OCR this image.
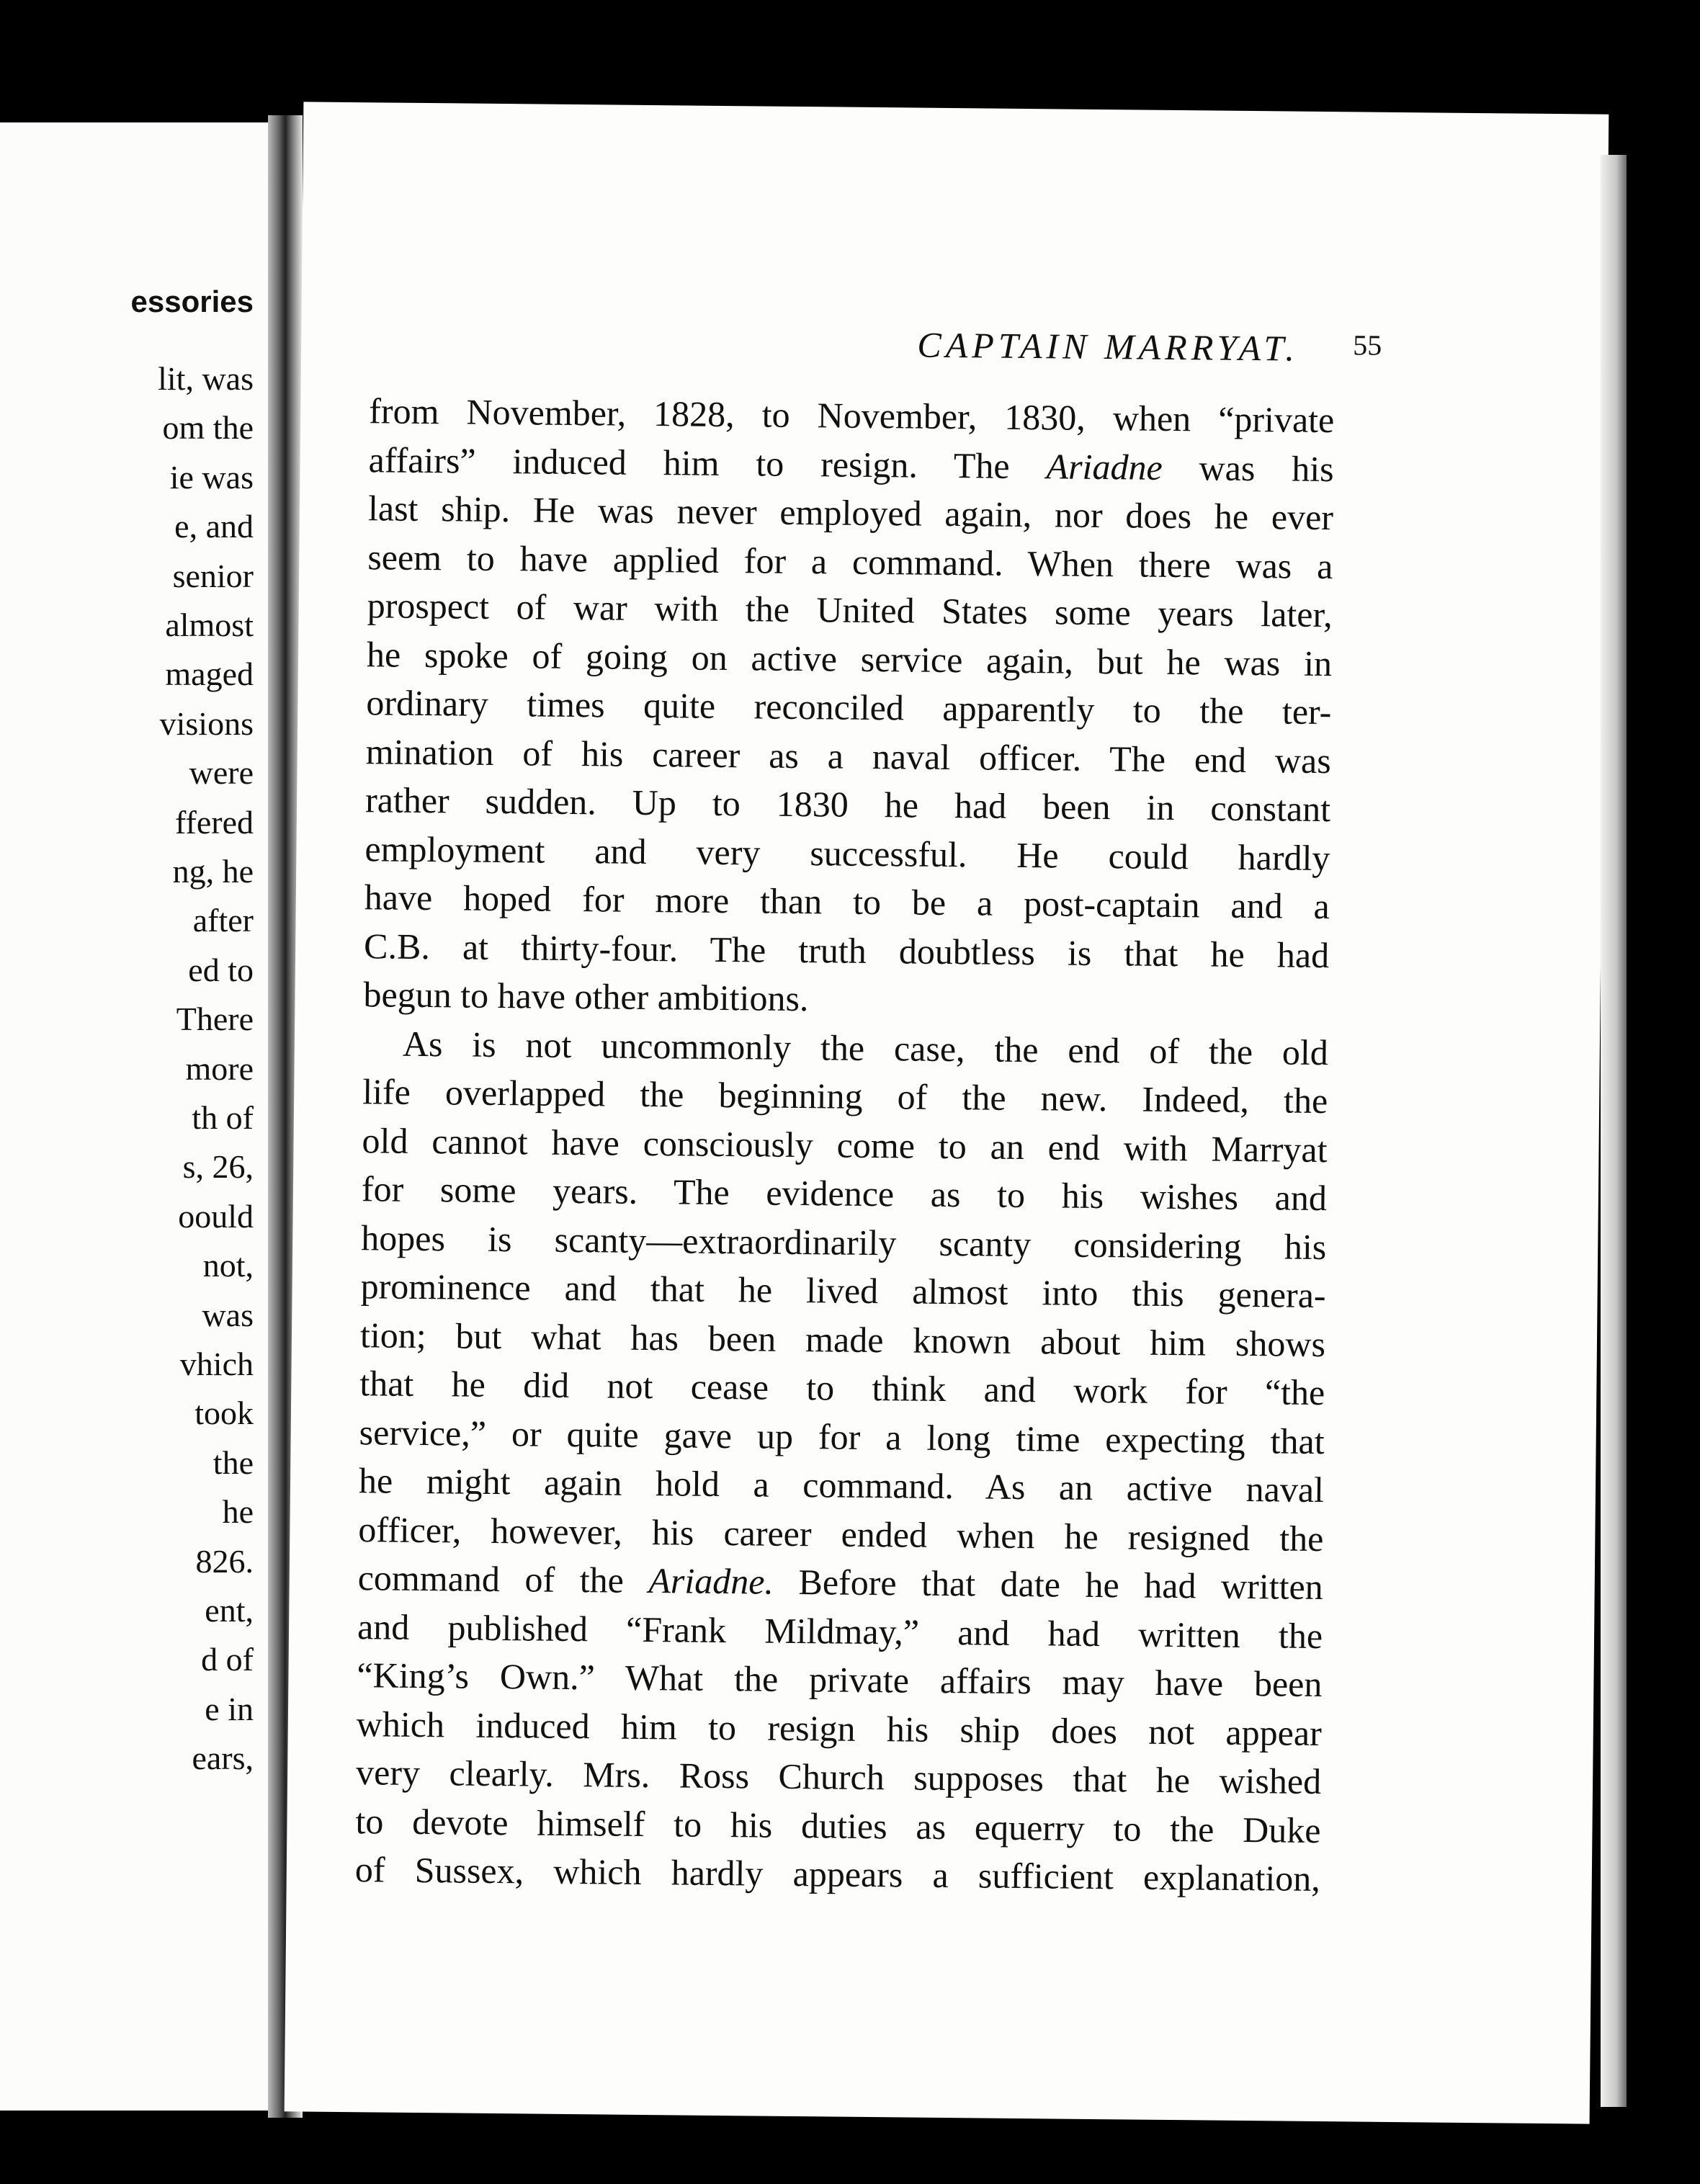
essories
lit, was
om the
ie was
e, and
senior
almost
maged
visions
were
ffered
ng, he
after
ed to
There
more
th of
s, 26,
oould
not,
was
vhich
took
the
he
826.
ent,
d of
e in
ears,
CAPTAIN MARRYAT.	55
from November, 1828, to November, 1830, when “private
affairs” induced him to resign. The Ariadne was his
last ship. He was never employed again, nor does he ever
seem to have applied for a command. When there was a
prospect of war with the United States some years later,
he spoke of going on active service again, but he was in
ordinary times quite reconciled apparently to the ter-
mination of his career as a naval officer. The end was
rather sudden. Up to 1830 he had been in constant
employment and very successful. He could hardly
have hoped for more than to be a post-captain and a
C.B. at thirty-four. The truth doubtless is that he had
begun to have other ambitions.
As is not uncommonly the case, the end of the old
life overlapped the beginning of the new. Indeed, the
old cannot have consciously come to an end with Marryat
for some years. The evidence as to his wishes and
hopes is scanty—extraordinarily scanty considering his
prominence and that he lived almost into this genera-
tion; but what has been made known about him shows
that he did not cease to think and work for “the
service,” or quite gave up for a long time expecting that
he might again hold a command. As an active naval
officer, however, his career ended when he resigned the
command of the Ariadne. Before that date he had written
and published “Frank Mildmay,” and had written the
“King’s Own.” What the private affairs may have been
which induced him to resign his ship does not appear
very clearly. Mrs. Ross Church supposes that he wished
to devote himself to his duties as equerry to the Duke
of Sussex, which hardly appears a sufficient explanation,
